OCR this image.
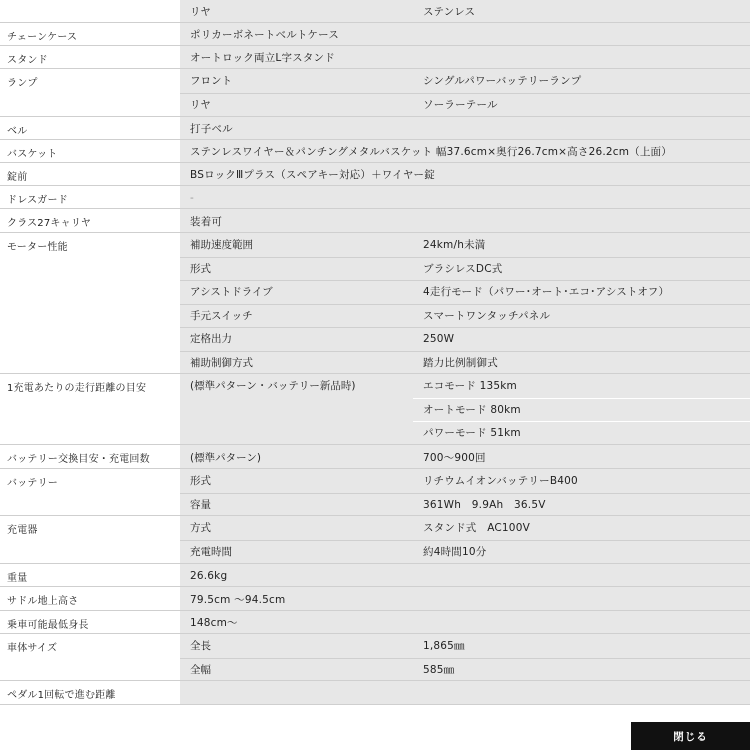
リヤ	ステンレス
チェーンケース	ポリカーボネートベルトケース
スタンド	オートロック両立L字スタンド
ランプ	フロント	シングルパワーバッテリーランプ
リヤ	ソーラーテール
ベル	打子ベル
バスケット	ステンレスワイヤー＆パンチングメタルバスケット 幅37.6cm×奥行26.7cm×高さ26.2cm（上面）
錠前	BSロックⅢプラス（スペアキー対応）＋ワイヤー錠
ドレスガード	-
クラス27キャリヤ	装着可
モーター性能	補助速度範囲	24km/h未満
形式	ブラシレスDC式
アシストドライブ	4走行モード（パワー･オート･エコ･アシストオフ）
手元スイッチ	スマートワンタッチパネル
定格出力	250W
補助制御方式	踏力比例制御式
1充電あたりの走行距離の目安	(標準パターン・バッテリー新品時)	エコモード 135km
オートモード 80km
パワーモード 51km
バッテリー交換目安・充電回数	(標準パターン)	700～900回
バッテリー	形式	リチウムイオンバッテリーB400
容量	361Wh　9.9Ah　36.5V
充電器	方式	スタンド式　AC100V
充電時間	約4時間10分
重量	26.6kg
サドル地上高さ	79.5cm ～94.5cm
乗車可能最低身長	148cm～
車体サイズ	全長	1,865㎜
全幅	585㎜
ペダル1回転で進む距離
閉じる
